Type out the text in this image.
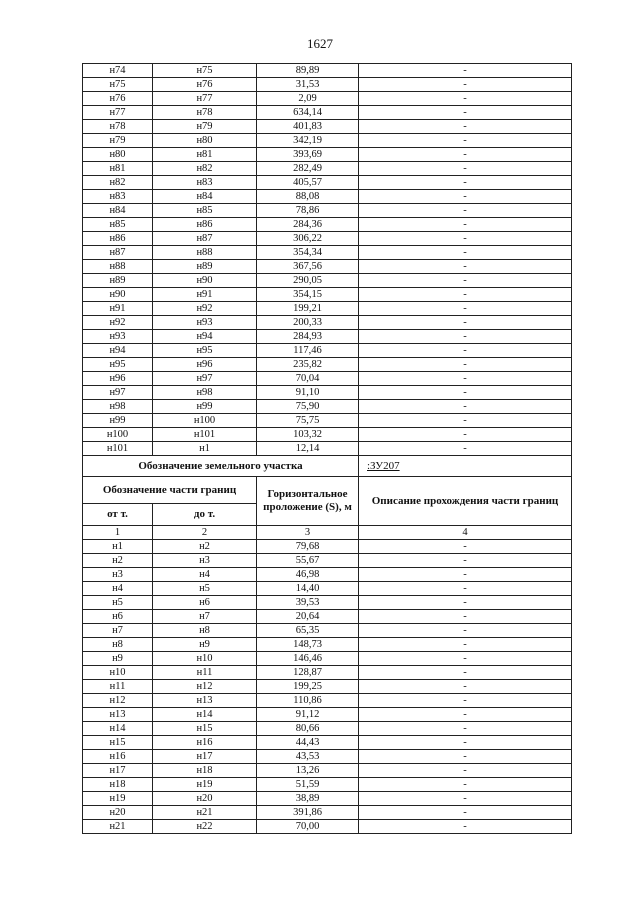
1627
н74	н75	89,89	-
н75	н76	31,53	-
н76	н77	2,09	-
н77	н78	634,14	-
н78	н79	401,83	-
н79	н80	342,19	-
н80	н81	393,69	-
н81	н82	282,49	-
н82	н83	405,57	-
н83	н84	88,08	-
н84	н85	78,86	-
н85	н86	284,36	-
н86	н87	306,22	-
н87	н88	354,34	-
н88	н89	367,56	-
н89	н90	290,05	-
н90	н91	354,15	-
н91	н92	199,21	-
н92	н93	200,33	-
н93	н94	284,93	-
н94	н95	117,46	-
н95	н96	235,82	-
н96	н97	70,04	-
н97	н98	91,10	-
н98	н99	75,90	-
н99	н100	75,75	-
н100	н101	103,32	-
н101	н1	12,14	-
Обозначение земельного участка			:ЗУ207
Обозначение части границ		Горизонтальное проложение (S), м	Описание прохождения части границ
от т.	до т.		
1	2	3	4
н1	н2	79,68	-
н2	н3	55,67	-
н3	н4	46,98	-
н4	н5	14,40	-
н5	н6	39,53	-
н6	н7	20,64	-
н7	н8	65,35	-
н8	н9	148,73	-
н9	н10	146,46	-
н10	н11	128,87	-
н11	н12	199,25	-
н12	н13	110,86	-
н13	н14	91,12	-
н14	н15	80,66	-
н15	н16	44,43	-
н16	н17	43,53	-
н17	н18	13,26	-
н18	н19	51,59	-
н19	н20	38,89	-
н20	н21	391,86	-
н21	н22	70,00	-
